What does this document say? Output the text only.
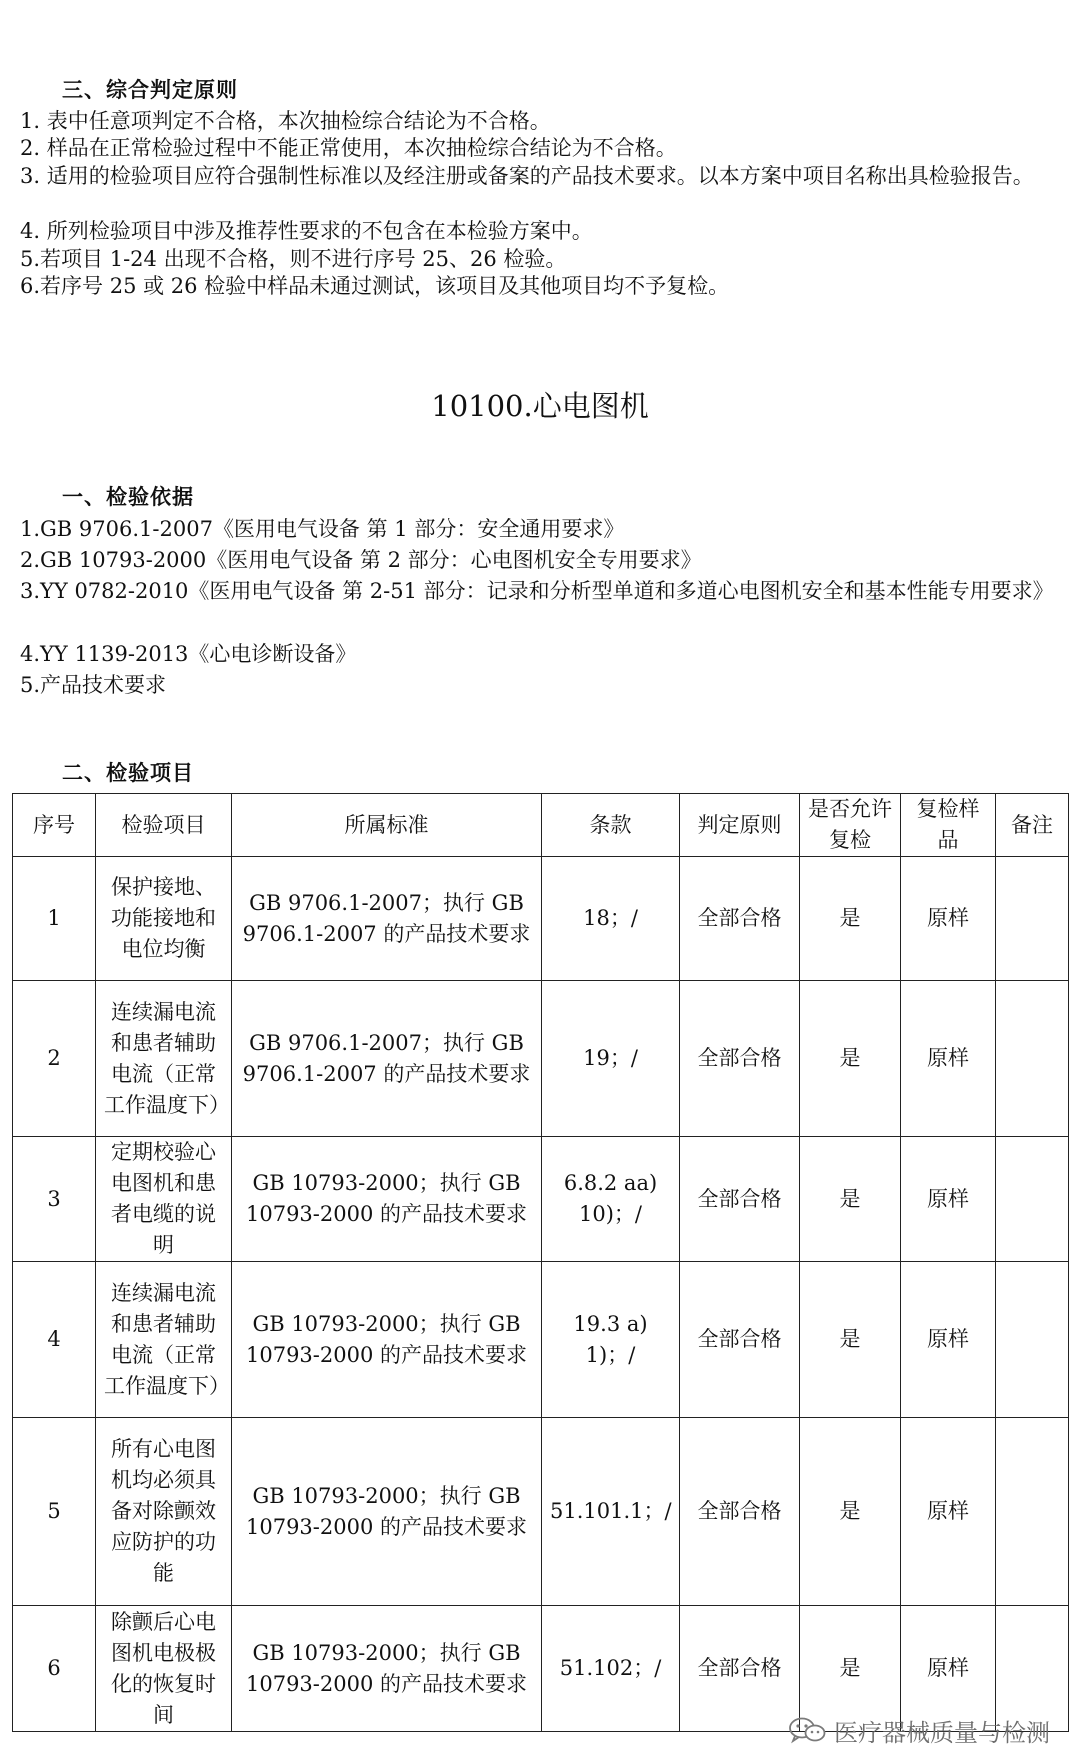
三、综合判定原则

1. 表中任意项判定不合格，本次抽检综合结论为不合格。

2. 样品在正常检验过程中不能正常使用，本次抽检综合结论为不合格。

3. 适用的检验项目应符合强制性标准以及经注册或备案的产品技术要求。以本方案中项目名称出具检验报告。

4. 所列检验项目中涉及推荐性要求的不包含在本检验方案中。

5.若项目 1-24 出现不合格，则不进行序号 25、26 检验。

6.若序号 25 或 26 检验中样品未通过测试，该项目及其他项目均不予复检。

10100.心电图机
一、检验依据

1.GB 9706.1-2007《医用电气设备 第 1 部分：安全通用要求》

2.GB 10793-2000《医用电气设备 第 2 部分：心电图机安全专用要求》

3.YY 0782-2010《医用电气设备 第 2-51 部分：记录和分析型单道和多道心电图机安全和基本性能专用要求》

4.YY 1139-2013《心电诊断设备》

5.产品技术要求

二、检验项目
序号	检验项目	所属标准	条款	判定原则	是否允许复检	复检样品	备注
1	保护接地、功能接地和电位均衡	GB 9706.1-2007；执行 GB 9706.1-2007 的产品技术要求	18；/	全部合格	是	原样	
2	连续漏电流和患者辅助电流（正常工作温度下）	GB 9706.1-2007；执行 GB 9706.1-2007 的产品技术要求	19；/	全部合格	是	原样	
3	定期校验心电图机和患者电缆的说明	GB 10793-2000；执行 GB 10793-2000 的产品技术要求	6.8.2 aa) 10)；/	全部合格	是	原样	
4	连续漏电流和患者辅助电流（正常工作温度下）	GB 10793-2000；执行 GB 10793-2000 的产品技术要求	19.3 a) 1)；/	全部合格	是	原样	
5	所有心电图机均必须具备对除颤效应防护的功能	GB 10793-2000；执行 GB 10793-2000 的产品技术要求	51.101.1；/	全部合格	是	原样	
6	除颤后心电图机电极极化的恢复时间	GB 10793-2000；执行 GB 10793-2000 的产品技术要求	51.102；/	全部合格	是	原样	
医疗器械质量与检测
